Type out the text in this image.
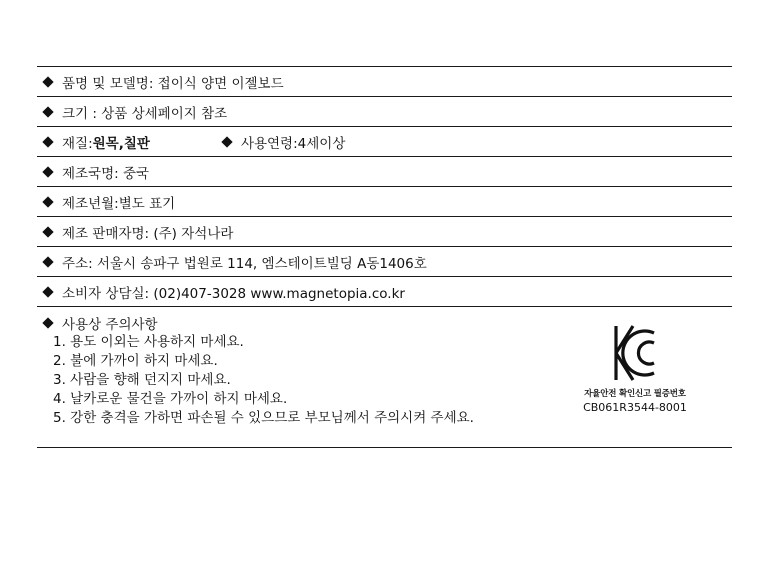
품명 및 모델명: 접이식 양면 이젤보드
크기 : 상품 상세페이지 참조
재질: 원목,칠판	사용연령:4세이상
제조국명: 중국
제조년월:별도 표기
제조 판매자명: (주) 자석나라
주소: 서울시 송파구 법원로 114, 엠스테이트빌딩 A동1406호
소비자 상담실: (02)407-3028 www.magnetopia.co.kr
사용상 주의사항
1. 용도 이외는 사용하지 마세요.
2. 불에 가까이 하지 마세요.
3. 사람을 향해 던지지 마세요.
4. 날카로운 물건을 가까이 하지 마세요.
5. 강한 충격을 가하면 파손될 수 있으므로 부모님께서 주의시켜 주세요.
자율안전 확인신고 필증번호
CB061R3544-8001
